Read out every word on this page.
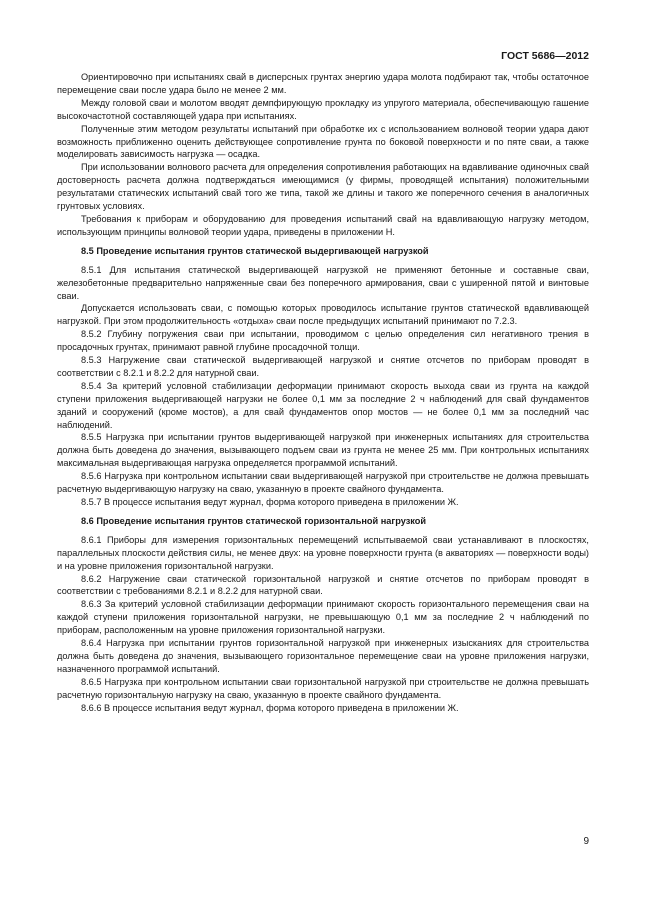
ГОСТ 5686—2012

Ориентировочно при испытаниях свай в дисперсных грунтах энергию удара молота подбирают так, чтобы остаточное перемещение сваи после удара было не менее 2 мм.

Между головой сваи и молотом вводят демпфирующую прокладку из упругого материала, обеспечивающую гашение высокочастотной составляющей удара при испытаниях.

Полученные этим методом результаты испытаний при обработке их с использованием волновой теории удара дают возможность приближенно оценить действующее сопротивление грунта по боковой поверхности и по пяте сваи, а также моделировать зависимость нагрузка — осадка.

При использовании волнового расчета для определения сопротивления работающих на вдавливание одиночных свай достоверность расчета должна подтверждаться имеющимися (у фирмы, проводящей испытания) положительными результатами статических испытаний свай того же типа, такой же длины и такого же поперечного сечения в аналогичных грунтовых условиях.

Требования к приборам и оборудованию для проведения испытаний свай на вдавливающую нагрузку методом, использующим принципы волновой теории удара, приведены в приложении Н.

8.5 Проведение испытания грунтов статической выдергивающей нагрузкой

8.5.1 Для испытания статической выдергивающей нагрузкой не применяют бетонные и составные сваи, железобетонные предварительно напряженные сваи без поперечного армирования, сваи с уширенной пятой и винтовые сваи.

Допускается использовать сваи, с помощью которых проводилось испытание грунтов статической вдавливающей нагрузкой. При этом продолжительность «отдыха» сваи после предыдущих испытаний принимают по 7.2.3.

8.5.2 Глубину погружения сваи при испытании, проводимом с целью определения сил негативного трения в просадочных грунтах, принимают равной глубине просадочной толщи.

8.5.3 Нагружение сваи статической выдергивающей нагрузкой и снятие отсчетов по приборам проводят в соответствии с 8.2.1 и 8.2.2 для натурной сваи.

8.5.4 За критерий условной стабилизации деформации принимают скорость выхода сваи из грунта на каждой ступени приложения выдергивающей нагрузки не более 0,1 мм за последние 2 ч наблюдений для свай фундаментов зданий и сооружений (кроме мостов), а для свай фундаментов опор мостов — не более 0,1 мм за последний час наблюдений.

8.5.5 Нагрузка при испытании грунтов выдергивающей нагрузкой при инженерных испытаниях для строительства должна быть доведена до значения, вызывающего подъем сваи из грунта не менее 25 мм. При контрольных испытаниях максимальная выдергивающая нагрузка определяется программой испытаний.

8.5.6 Нагрузка при контрольном испытании сваи выдергивающей нагрузкой при строительстве не должна превышать расчетную выдергивающую нагрузку на сваю, указанную в проекте свайного фундамента.

8.5.7 В процессе испытания ведут журнал, форма которого приведена в приложении Ж.

8.6 Проведение испытания грунтов статической горизонтальной нагрузкой

8.6.1 Приборы для измерения горизонтальных перемещений испытываемой сваи устанавливают в плоскостях, параллельных плоскости действия силы, не менее двух: на уровне поверхности грунта (в акваториях — поверхности воды) и на уровне приложения горизонтальной нагрузки.

8.6.2 Нагружение сваи статической горизонтальной нагрузкой и снятие отсчетов по приборам проводят в соответствии с требованиями 8.2.1 и 8.2.2 для натурной сваи.

8.6.3 За критерий условной стабилизации деформации принимают скорость горизонтального перемещения сваи на каждой ступени приложения горизонтальной нагрузки, не превышающую 0,1 мм за последние 2 ч наблюдений по приборам, расположенным на уровне приложения горизонтальной нагрузки.

8.6.4 Нагрузка при испытании грунтов горизонтальной нагрузкой при инженерных изысканиях для строительства должна быть доведена до значения, вызывающего горизонтальное перемещение сваи на уровне приложения нагрузки, назначенного программой испытаний.

8.6.5 Нагрузка при контрольном испытании сваи горизонтальной нагрузкой при строительстве не должна превышать расчетную горизонтальную нагрузку на сваю, указанную в проекте свайного фундамента.

8.6.6 В процессе испытания ведут журнал, форма которого приведена в приложении Ж.

9
